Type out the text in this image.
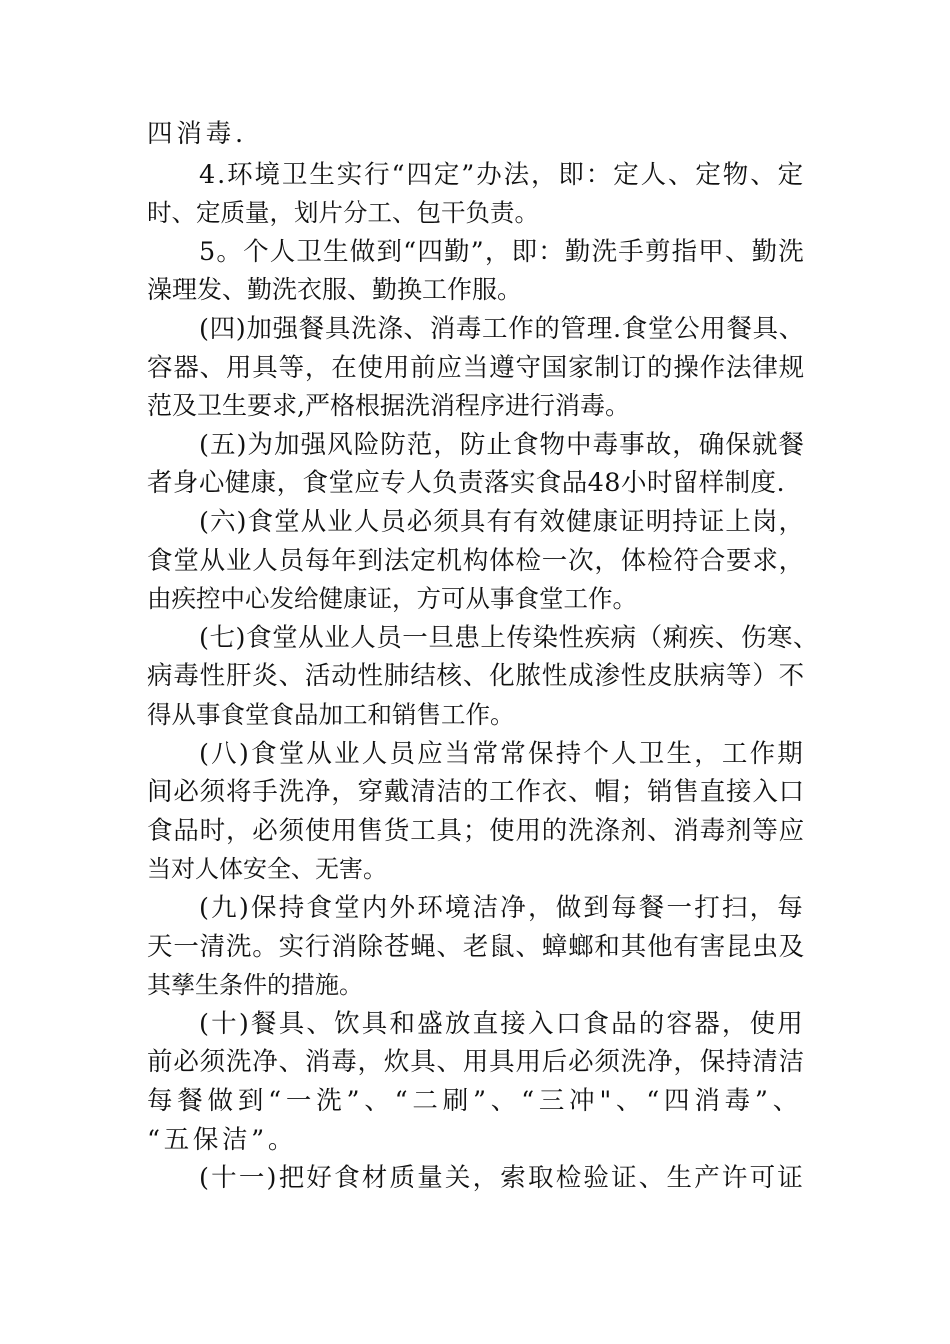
四消毒.
4.环境卫生实行“四定”办法，即：定人、定物、定
时、定质量，划片分工、包干负责。
5。个人卫生做到“四勤”，即：勤洗手剪指甲、勤洗
澡理发、勤洗衣服、勤换工作服。
(四)加强餐具洗涤、消毒工作的管理.食堂公用餐具、
容器、用具等，在使用前应当遵守国家制订的操作法律规
范及卫生要求,严格根据洗消程序进行消毒。
(五)为加强风险防范，防止食物中毒事故，确保就餐
者身心健康，食堂应专人负责落实食品48小时留样制度.
(六)食堂从业人员必须具有有效健康证明持证上岗，
食堂从业人员每年到法定机构体检一次，体检符合要求，
由疾控中心发给健康证，方可从事食堂工作。
(七)食堂从业人员一旦患上传染性疾病（痢疾、伤寒、
病毒性肝炎、活动性肺结核、化脓性成渗性皮肤病等）不
得从事食堂食品加工和销售工作。
(八)食堂从业人员应当常常保持个人卫生，工作期
间必须将手洗净，穿戴清洁的工作衣、帽；销售直接入口
食品时，必须使用售货工具；使用的洗涤剂、消毒剂等应
当对人体安全、无害。
(九)保持食堂内外环境洁净，做到每餐一打扫，每
天一清洗。实行消除苍蝇、老鼠、蟑螂和其他有害昆虫及
其孳生条件的措施。
(十)餐具、饮具和盛放直接入口食品的容器，使用
前必须洗净、消毒，炊具、用具用后必须洗净，保持清洁
每餐做到“一洗”、“二刷”、“三冲"、“四消毒”、
“五保洁”。
(十一)把好食材质量关，索取检验证、生产许可证
